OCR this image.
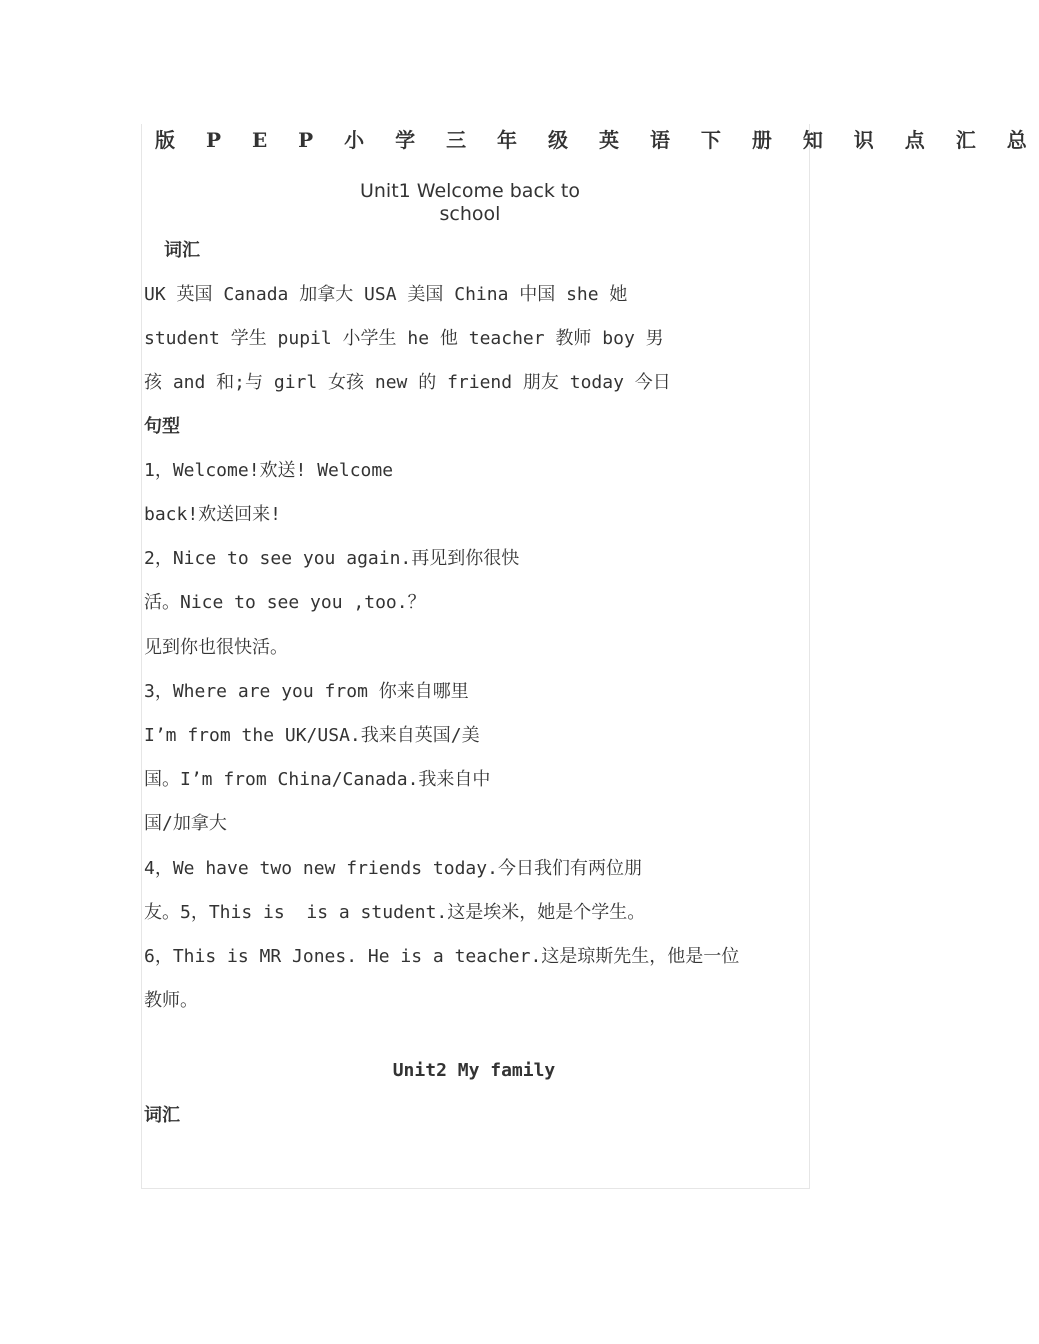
版 P E P 小 学 三 年 级 英 语 下 册 知 识 点 汇 总
Unit1 Welcome back to
school
词汇
UK 英国 Canada 加拿大 USA 美国 China 中国 she 她
student 学生 pupil 小学生 he 他 teacher 教师 boy 男
孩 and 和;与 girl 女孩 new 的 friend 朋友 today 今日
句型
1，Welcome!欢送! Welcome
back!欢送回来!
2，Nice to see you again.再见到你很快
活。Nice to see you ,too.？
见到你也很快活。
3，Where are you from 你来自哪里
I’m from the UK/USA.我来自英国/美
国。I’m from China/Canada.我来自中
国/加拿大
4，We have two new friends today.今日我们有两位朋
友。5，This is  is a student.这是埃米，她是个学生。
6，This is MR Jones. He is a teacher.这是琼斯先生，他是一位
教师。
Unit2 My family
词汇
